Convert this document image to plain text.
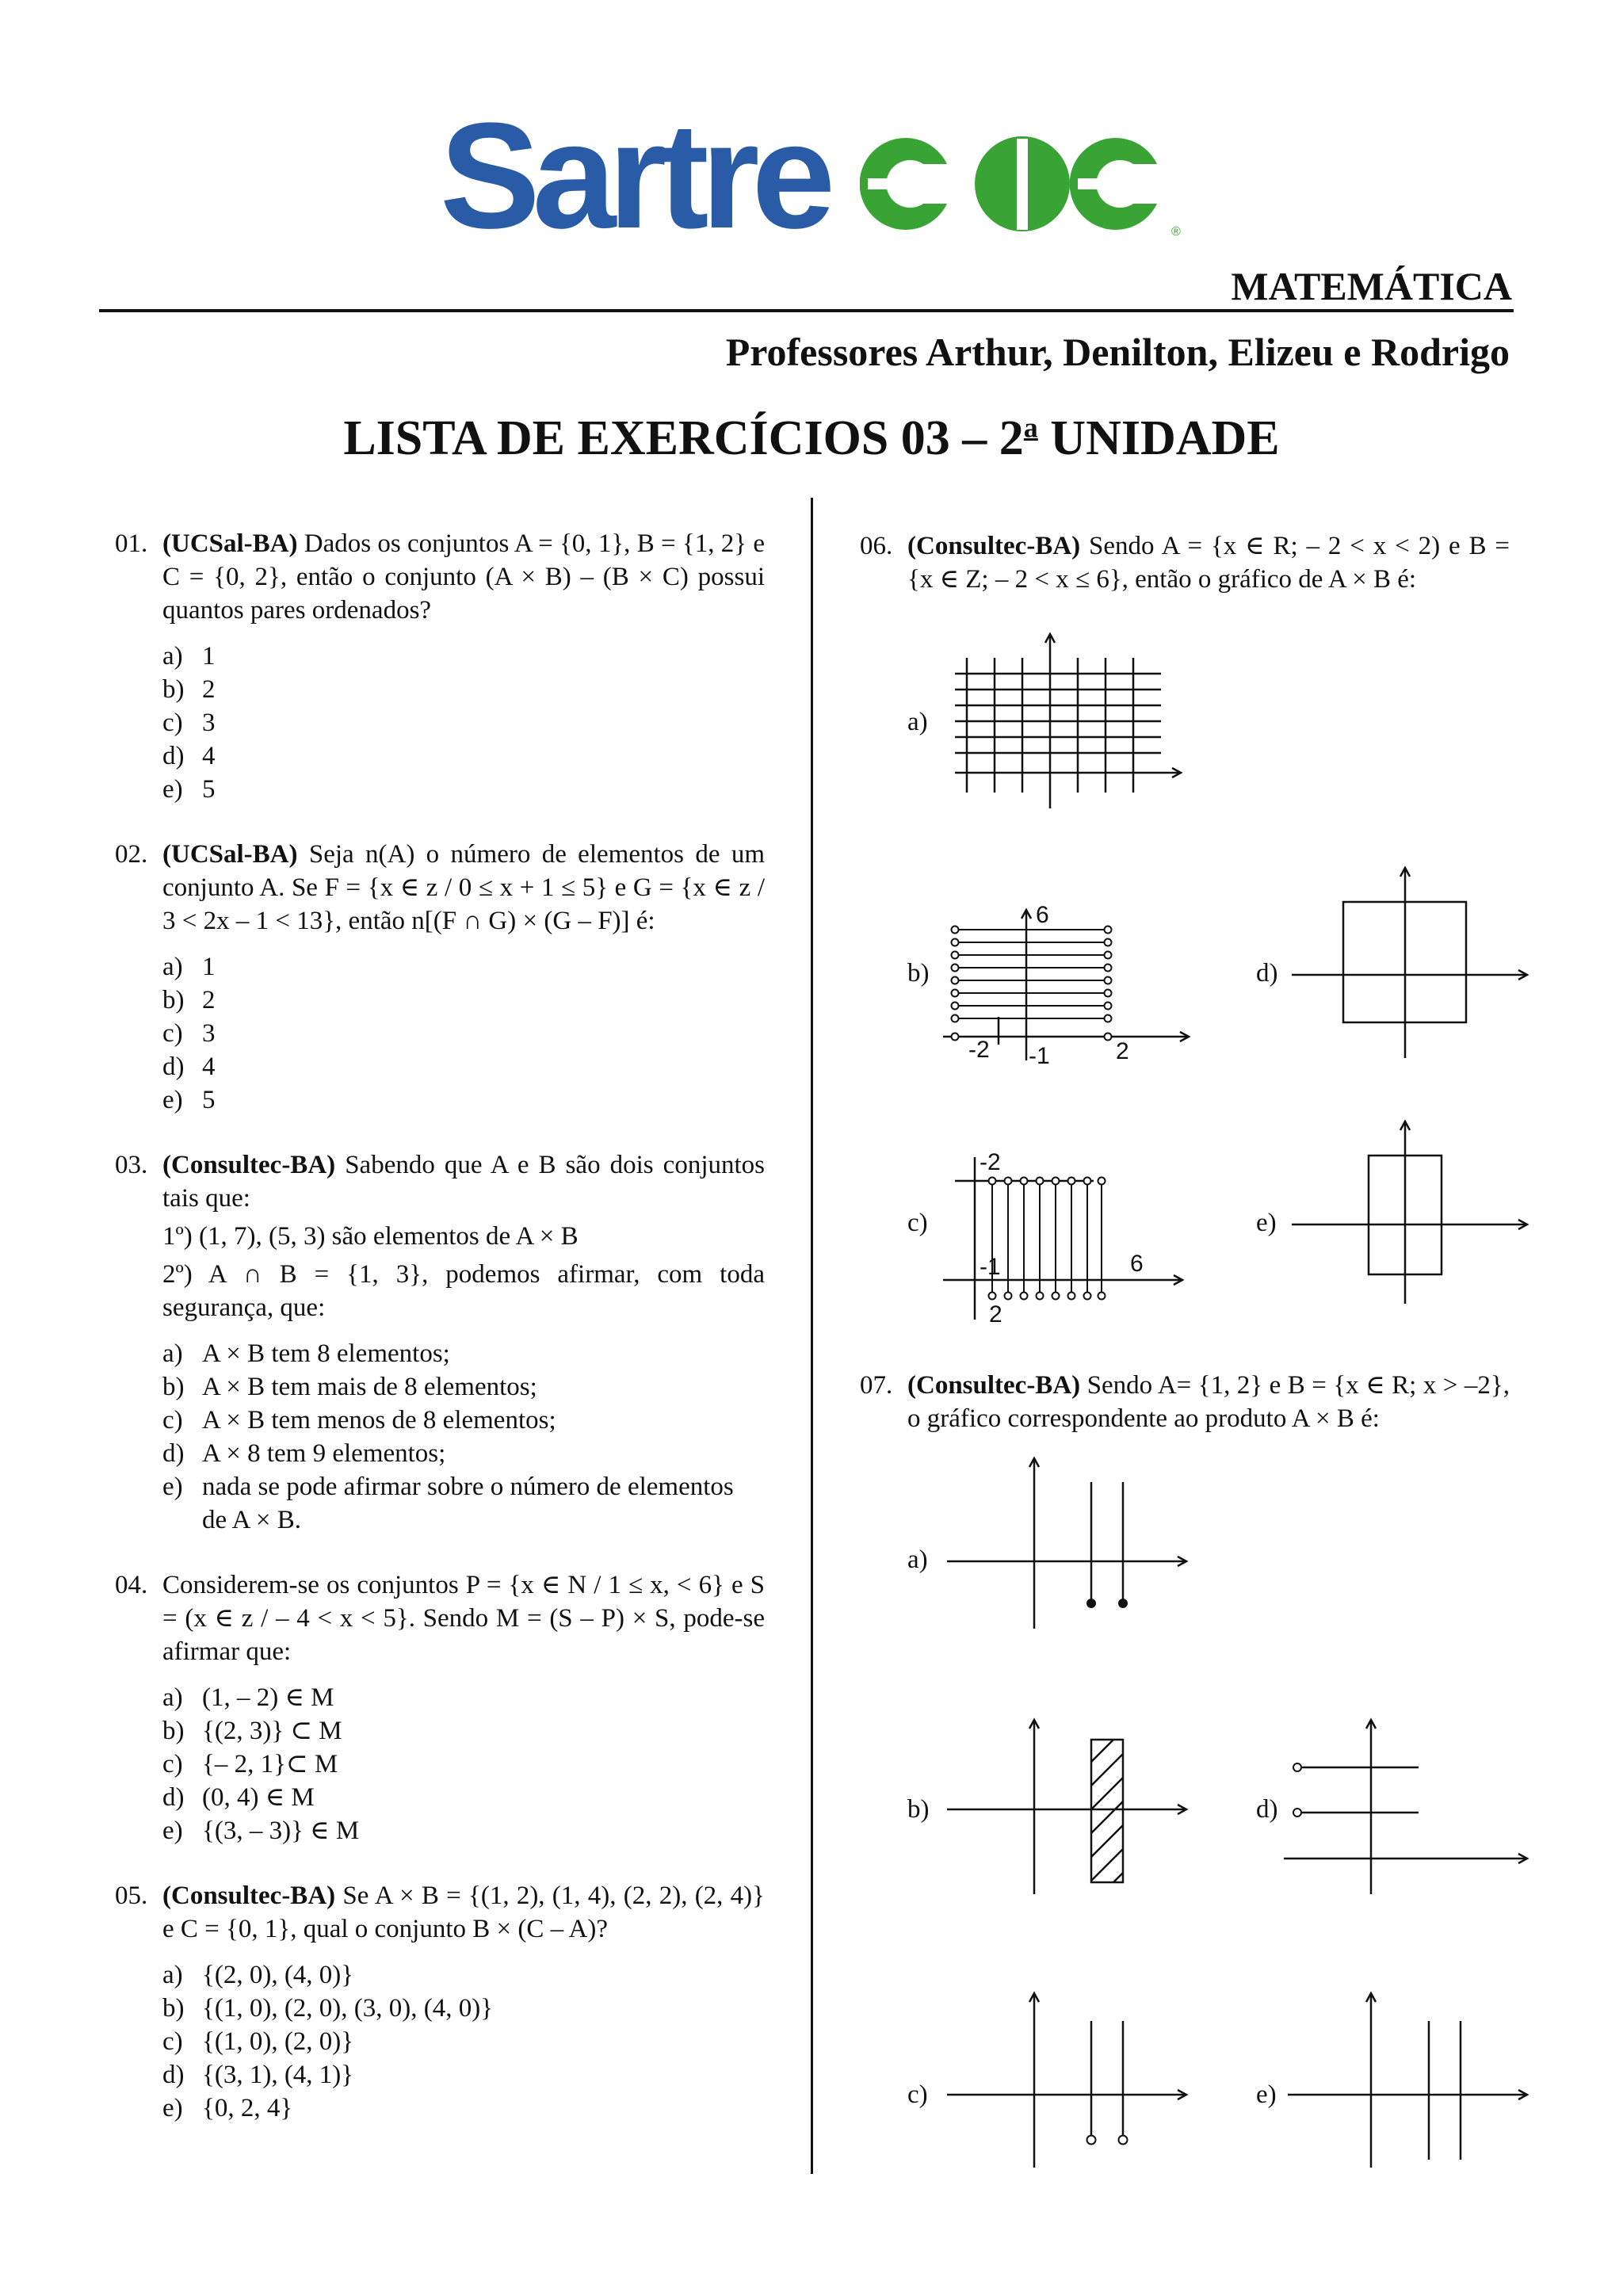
Sartre	®
MATEMÁTICA
Professores Arthur, Denilton, Elizeu e Rodrigo
LISTA DE EXERCÍCIOS 03 – 2$^a$ UNIDADE
01. (UCSal-BA) Dados os conjuntos A = {0, 1}, B = {1, 2} e C = {0, 2}, então o conjunto (A × B) – (B × C) possui quantos pares ordenados?
a) 1
b) 2
c) 3
d) 4
e) 5
02. (UCSal-BA) Seja n(A) o número de elementos de um conjunto A. Se F = {x ∈ z / 0 ≤ x + 1 ≤ 5} e G = {x ∈ z / 3 < 2x – 1 < 13}, então n[(F ∩ G) × (G – F)] é:
a) 1
b) 2
c) 3
d) 4
e) 5
03. (Consultec-BA) Sabendo que A e B são dois conjuntos tais que:
1º) (1, 7), (5, 3) são elementos de A × B
2º) A ∩ B = {1, 3}, podemos afirmar, com toda segurança, que:
a) A × B tem 8 elementos;
b) A × B tem mais de 8 elementos;
c) A × B tem menos de 8 elementos;
d) A × 8 tem 9 elementos;
e) nada se pode afirmar sobre o número de elementos de A × B.
04. Considerem-se os conjuntos P = {x ∈ N / 1 ≤ x, < 6} e S = (x ∈ z / – 4 < x < 5}. Sendo M = (S – P) × S, pode-se afirmar que:
a) (1, – 2) ∈ M
b) {(2, 3)} ⊂ M
c) {– 2, 1}⊂ M
d) (0, 4) ∈ M
e) {(3, – 3)} ∈ M
05. (Consultec-BA) Se A × B = {(1, 2), (1, 4), (2, 2), (2, 4)} e C = {0, 1}, qual o conjunto B × (C – A)?
a) {(2, 0), (4, 0)}
b) {(1, 0), (2, 0), (3, 0), (4, 0)}
c) {(1, 0), (2, 0)}
d) {(3, 1), (4, 1)}
e) {0, 2, 4}
06. (Consultec-BA) Sendo A = {x ∈ R; – 2 < x < 2) e B = {x ∈ Z; – 2 < x ≤ 6}, então o gráfico de A × B é:
07. (Consultec-BA) Sendo A= {1, 2} e B = {x ∈ R; x > –2}, o gráfico correspondente ao produto A × B é:
a)
b)
6
-2 -1	2
d)
c)
-2
-1	6
2
e)
a)
b)	d)
c)	e)
